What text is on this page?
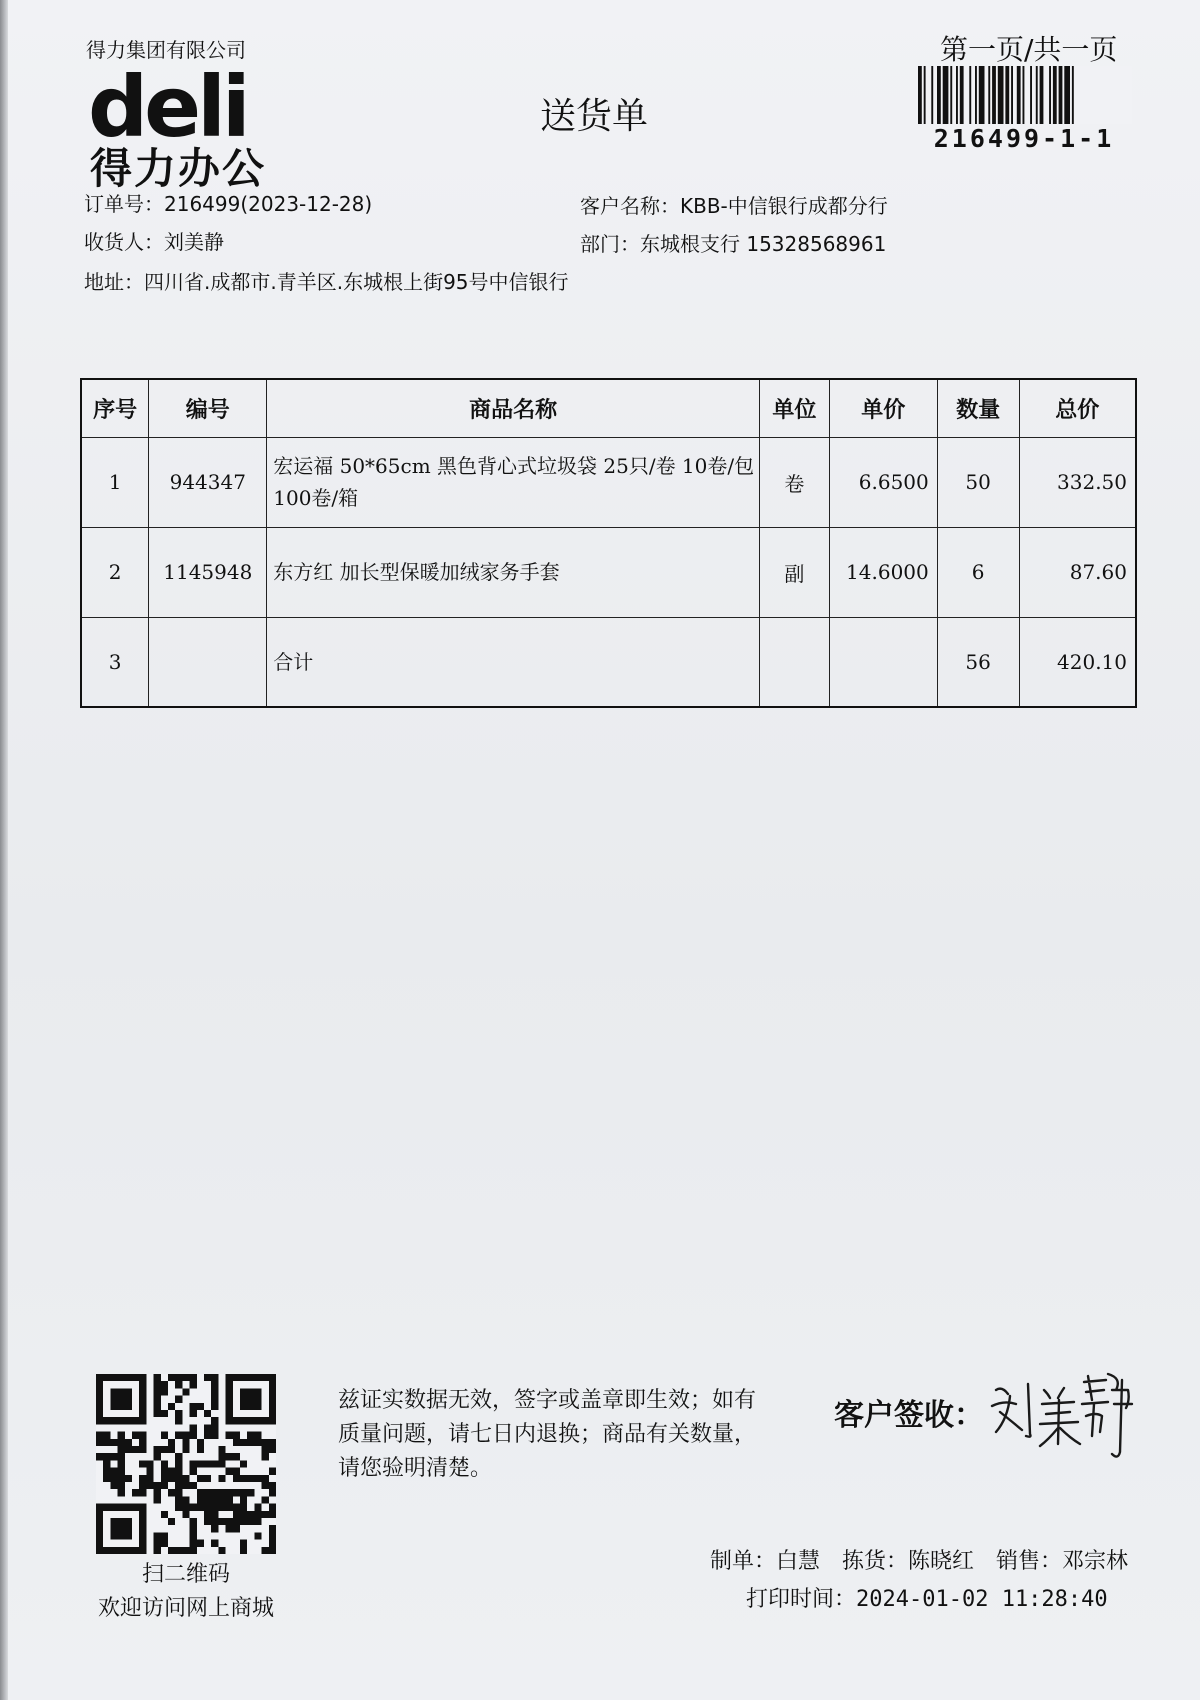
得力集团有限公司
deli
得力办公
送货单
第一页/共一页
216499-1-1
订单号：216499(2023-12-28)
收货人：刘美静
地址：四川省.成都市.青羊区.东城根上街95号中信银行
客户名称：KBB-中信银行成都分行
部门：东城根支行 15328568961
序号	编号	商品名称	单位	单价	数量	总价
1	944347	宏运福 50*65cm 黑色背心式垃圾袋 25只/卷 10卷/包 100卷/箱	卷	6.6500	50	332.50
2	1145948	东方红 加长型保暖加绒家务手套	副	14.6000	6	87.60
3		合计			56	420.10
扫二维码
欢迎访问网上商城
兹证实数据无效，签字或盖章即生效；如有质量问题，请七日内退换；商品有关数量，请您验明清楚。
客户签收：
制单：白慧　拣货：陈晓红　销售：邓宗林
打印时间：2024-01-02 11:28:40
